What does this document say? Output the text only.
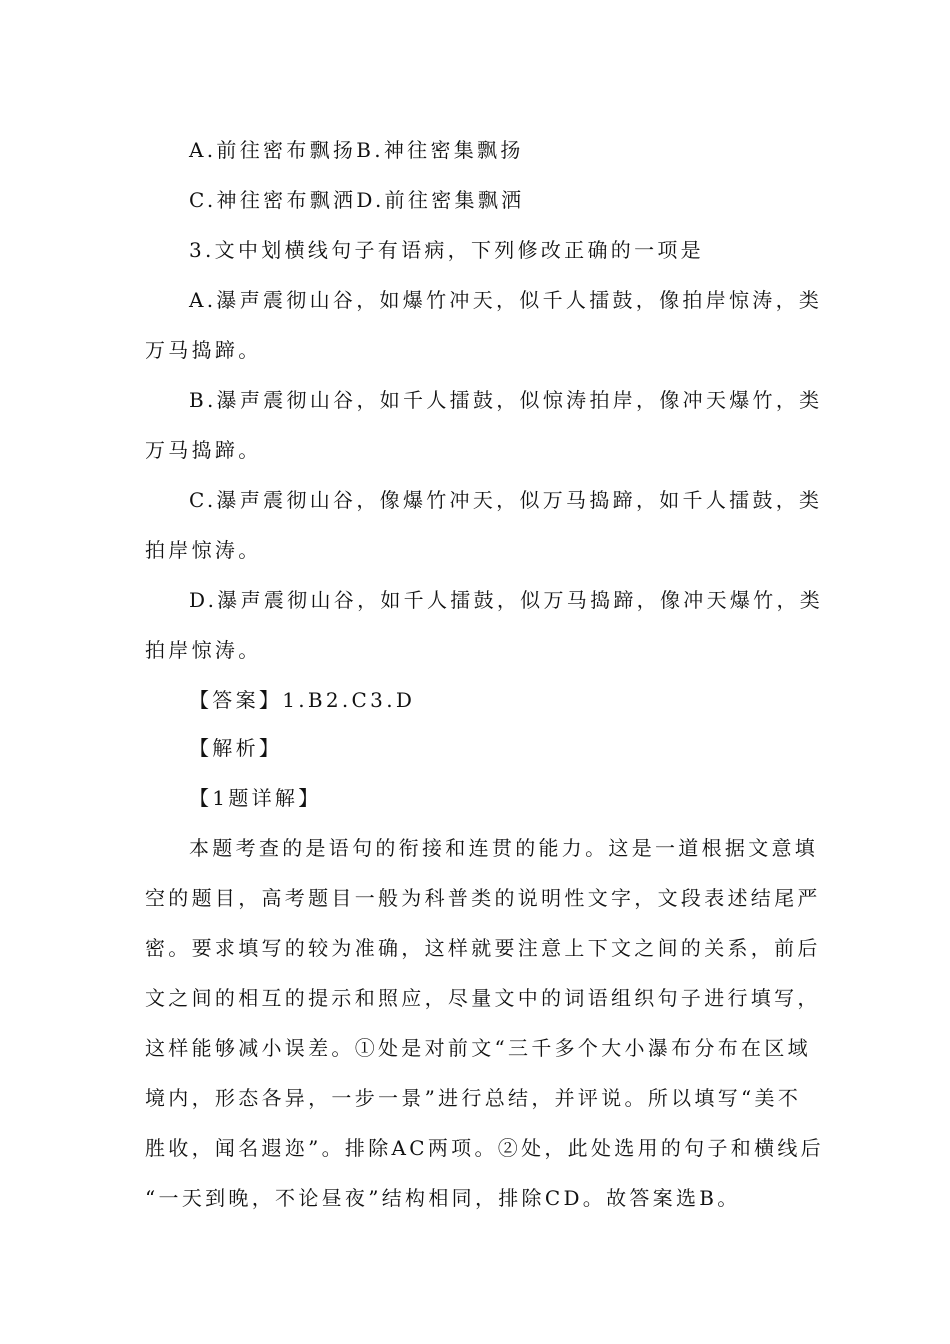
A.前往密布飘扬B.神往密集飘扬
C.神往密布飘洒D.前往密集飘洒
3.文中划横线句子有语病，下列修改正确的一项是
A.瀑声震彻山谷，如爆竹冲天，似千人擂鼓，像拍岸惊涛，类
万马捣蹄。
B.瀑声震彻山谷，如千人擂鼓，似惊涛拍岸，像冲天爆竹，类
万马捣蹄。
C.瀑声震彻山谷，像爆竹冲天，似万马捣蹄，如千人擂鼓，类
拍岸惊涛。
D.瀑声震彻山谷，如千人擂鼓，似万马捣蹄，像冲天爆竹，类
拍岸惊涛。
【答案】1.B2.C3.D
【解析】
【1题详解】
本题考查的是语句的衔接和连贯的能力。这是一道根据文意填
空的题目，高考题目一般为科普类的说明性文字，文段表述结尾严
密。要求填写的较为准确，这样就要注意上下文之间的关系，前后
文之间的相互的提示和照应，尽量文中的词语组织句子进行填写，
这样能够减小误差。①处是对前文“三千多个大小瀑布分布在区域
境内，形态各异，一步一景”进行总结，并评说。所以填写“美不
胜收，闻名遐迩”。排除AC两项。②处，此处选用的句子和横线后
“一天到晚，不论昼夜”结构相同，排除CD。故答案选B。
